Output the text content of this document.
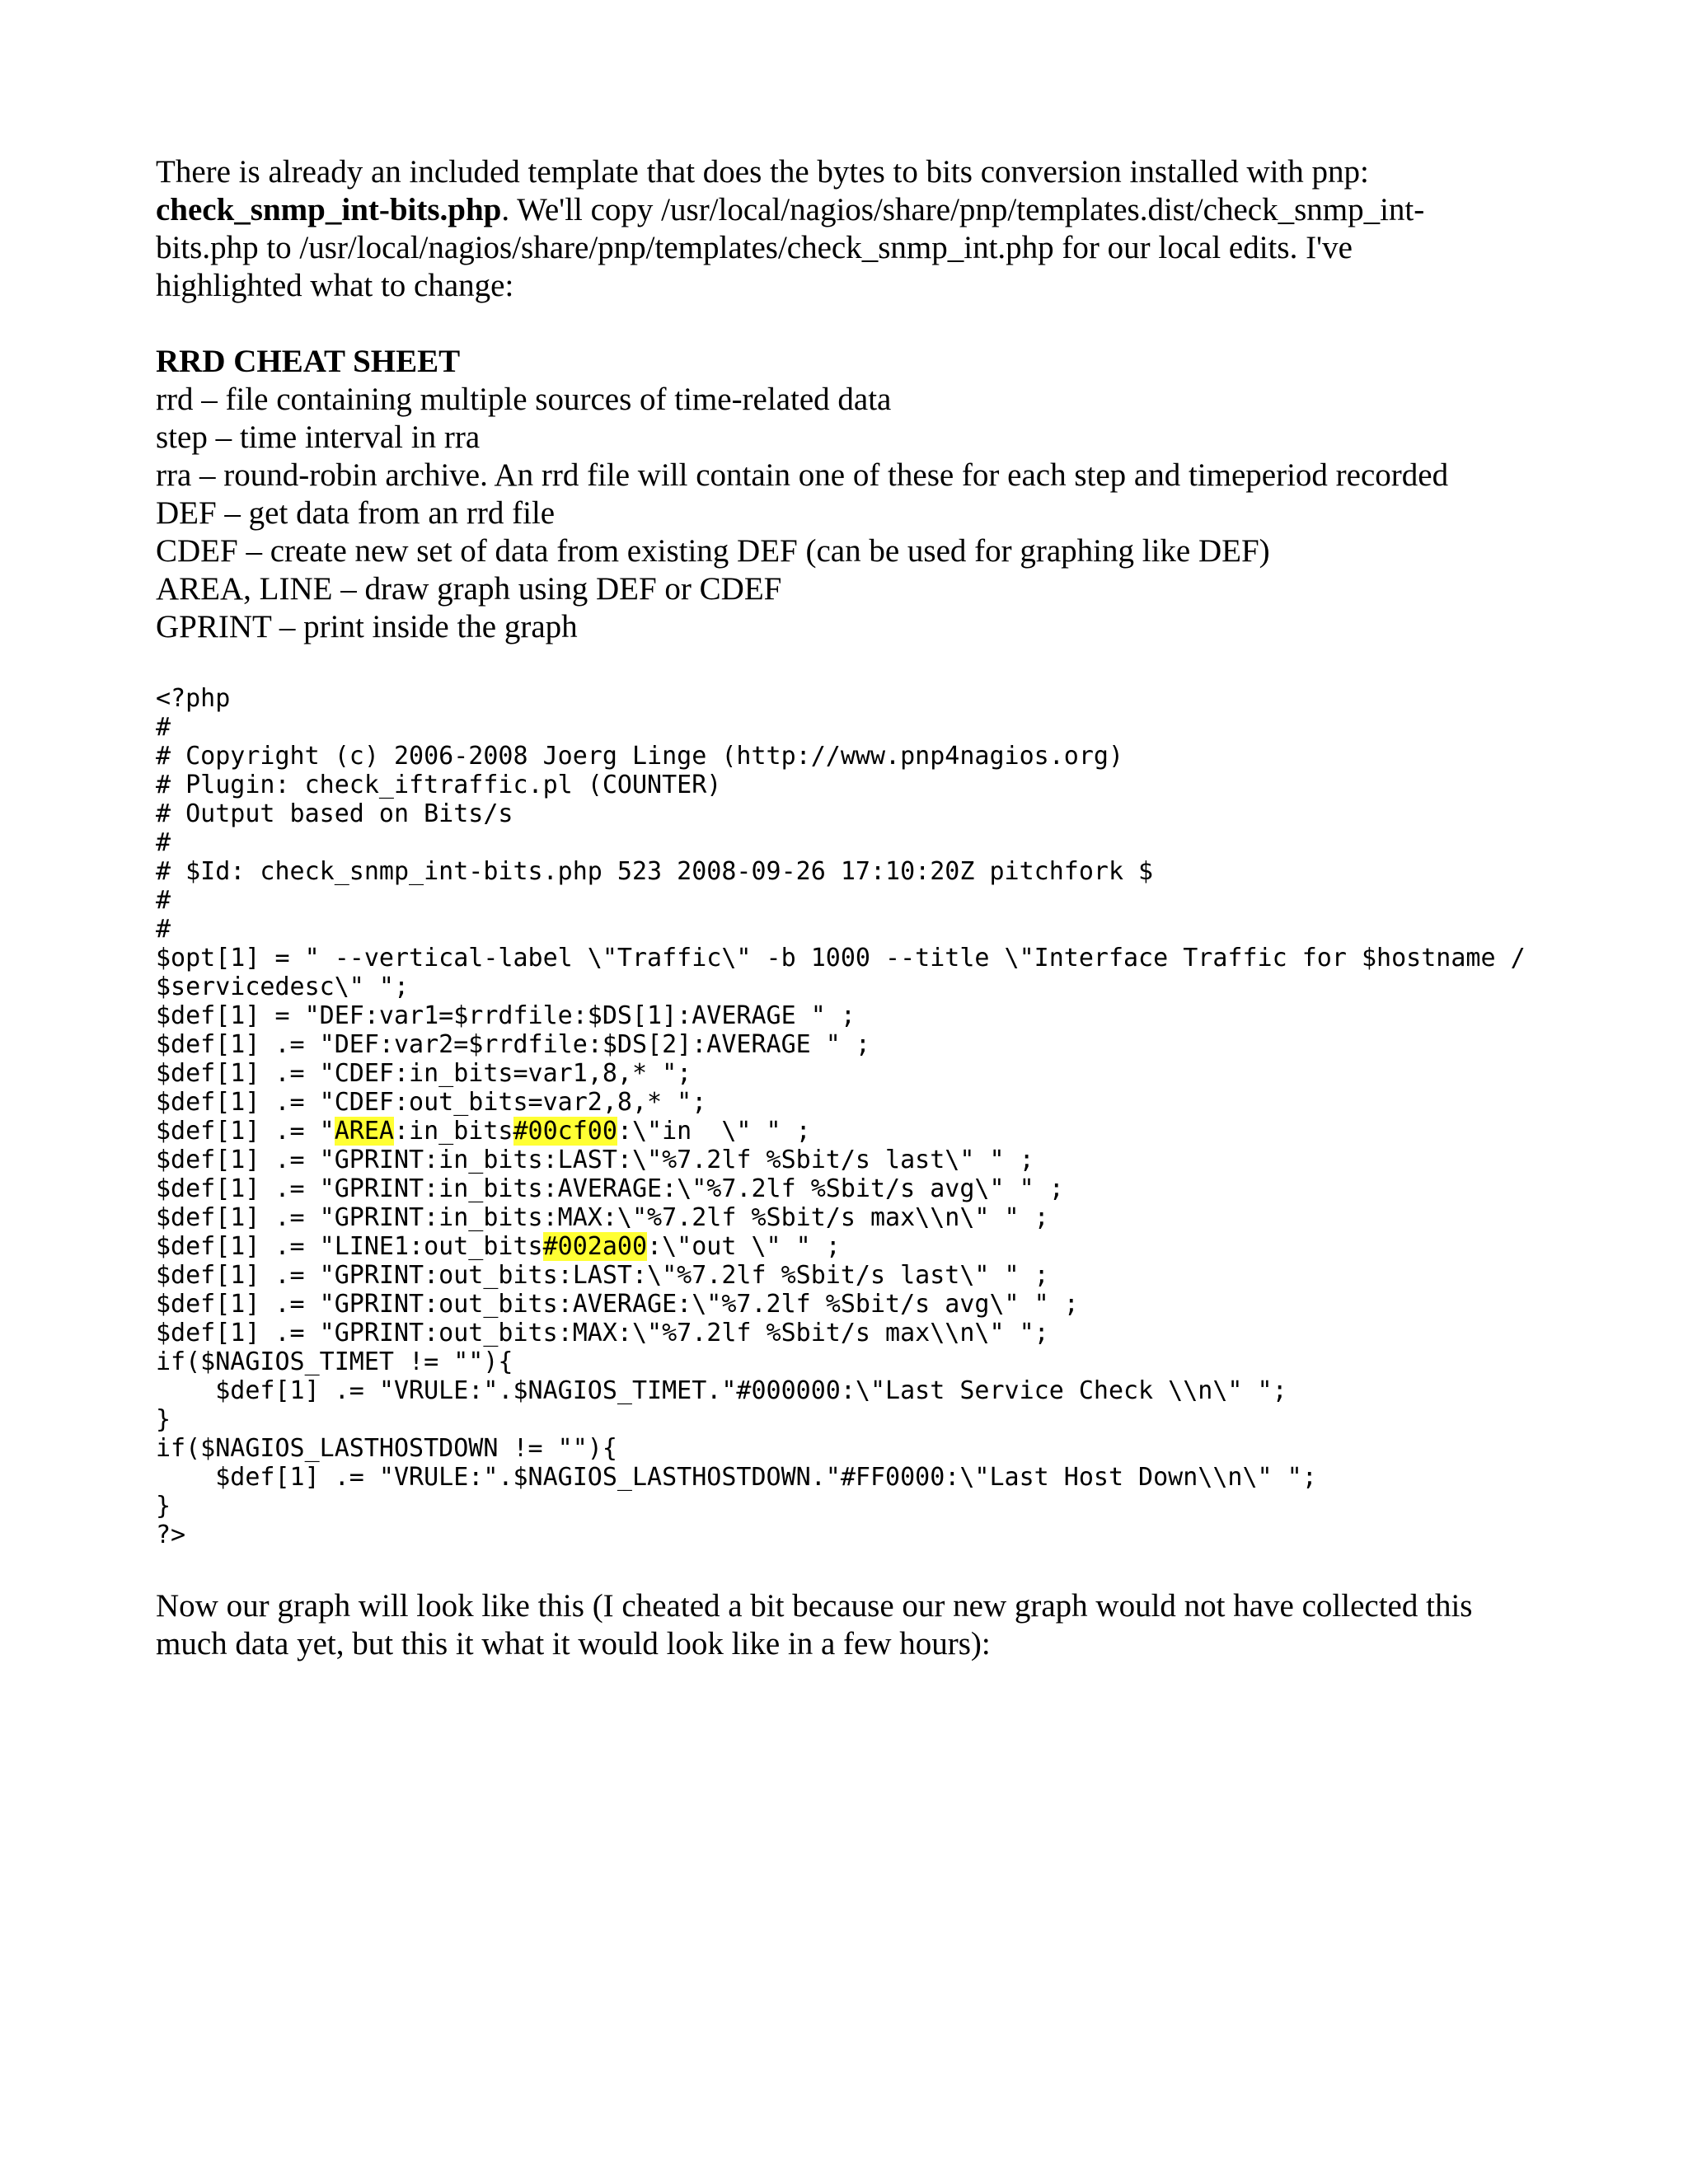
There is already an included template that does the bytes to bits conversion installed with pnp:

check_snmp_int-bits.php. We'll copy /usr/local/nagios/share/pnp/templates.dist/check_snmp_int-

bits.php to /usr/local/nagios/share/pnp/templates/check_snmp_int.php for our local edits. I've

highlighted what to change:

RRD CHEAT SHEET

rrd – file containing multiple sources of time-related data

step – time interval in rra

rra – round-robin archive. An rrd file will contain one of these for each step and timeperiod recorded

DEF – get data from an rrd file

CDEF – create new set of data from existing DEF (can be used for graphing like DEF)

AREA, LINE – draw graph using DEF or CDEF

GPRINT – print inside the graph

<?php
#
# Copyright (c) 2006-2008 Joerg Linge (http://www.pnp4nagios.org)
# Plugin: check_iftraffic.pl (COUNTER)
# Output based on Bits/s
#
# $Id: check_snmp_int-bits.php 523 2008-09-26 17:10:20Z pitchfork $
#
#
$opt[1] = " --vertical-label \"Traffic\" -b 1000 --title \"Interface Traffic for $hostname /
$servicedesc\" ";
$def[1] = "DEF:var1=$rrdfile:$DS[1]:AVERAGE " ;
$def[1] .= "DEF:var2=$rrdfile:$DS[2]:AVERAGE " ;
$def[1] .= "CDEF:in_bits=var1,8,* ";
$def[1] .= "CDEF:out_bits=var2,8,* ";
$def[1] .= "AREA:in_bits#00cf00:\"in  \" " ;
$def[1] .= "GPRINT:in_bits:LAST:\"%7.2lf %Sbit/s last\" " ;
$def[1] .= "GPRINT:in_bits:AVERAGE:\"%7.2lf %Sbit/s avg\" " ;
$def[1] .= "GPRINT:in_bits:MAX:\"%7.2lf %Sbit/s max\\n\" " ;
$def[1] .= "LINE1:out_bits#002a00:\"out \" " ;
$def[1] .= "GPRINT:out_bits:LAST:\"%7.2lf %Sbit/s last\" " ;
$def[1] .= "GPRINT:out_bits:AVERAGE:\"%7.2lf %Sbit/s avg\" " ;
$def[1] .= "GPRINT:out_bits:MAX:\"%7.2lf %Sbit/s max\\n\" ";
if($NAGIOS_TIMET != ""){
$def[1] .= "VRULE:".$NAGIOS_TIMET."#000000:\"Last Service Check \\n\" ";
}
if($NAGIOS_LASTHOSTDOWN != ""){
$def[1] .= "VRULE:".$NAGIOS_LASTHOSTDOWN."#FF0000:\"Last Host Down\\n\" ";
}
?>

Now our graph will look like this (I cheated a bit because our new graph would not have collected this

much data yet, but this it what it would look like in a few hours):
